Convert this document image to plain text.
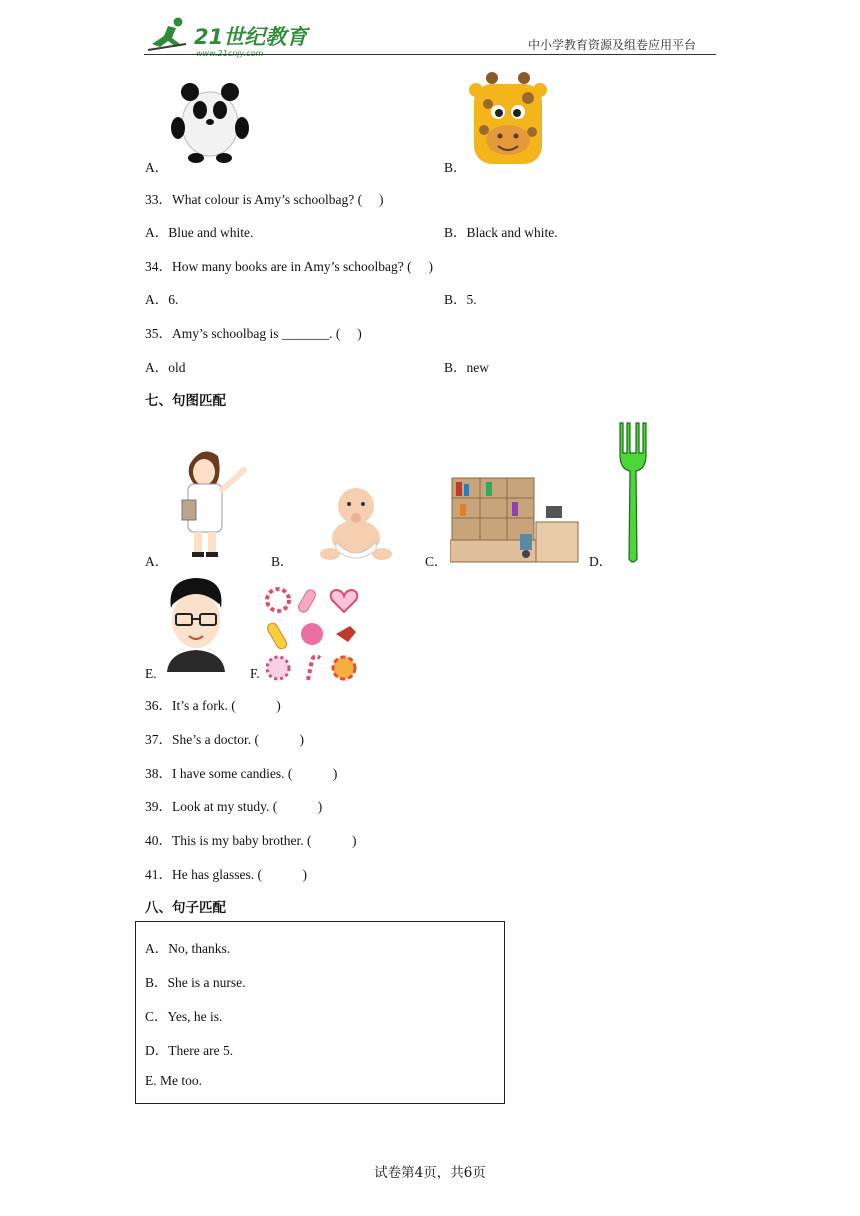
21世纪教育
www.21cnjy.com
中小学教育资源及组卷应用平台
A．	B．
33．What colour is Amy’s schoolbag? (     )
A．Blue and white.	B．Black and white.
34．How many books are in Amy’s schoolbag? (     )
A．6.	B．5.
35．Amy’s schoolbag is _______. (     )
A．old	B．new
七、句图匹配
A．	B．	C．	D．
E.	F.
36．It’s a fork. (            )
37．She’s a doctor. (            )
38．I have some candies. (            )
39．Look at my study. (            )
40．This is my baby brother. (            )
41．He has glasses. (            )
八、句子匹配
A．No, thanks.
B．She is a nurse.
C．Yes, he is.
D．There are 5.
E. Me too.
试卷第4页，共6页
